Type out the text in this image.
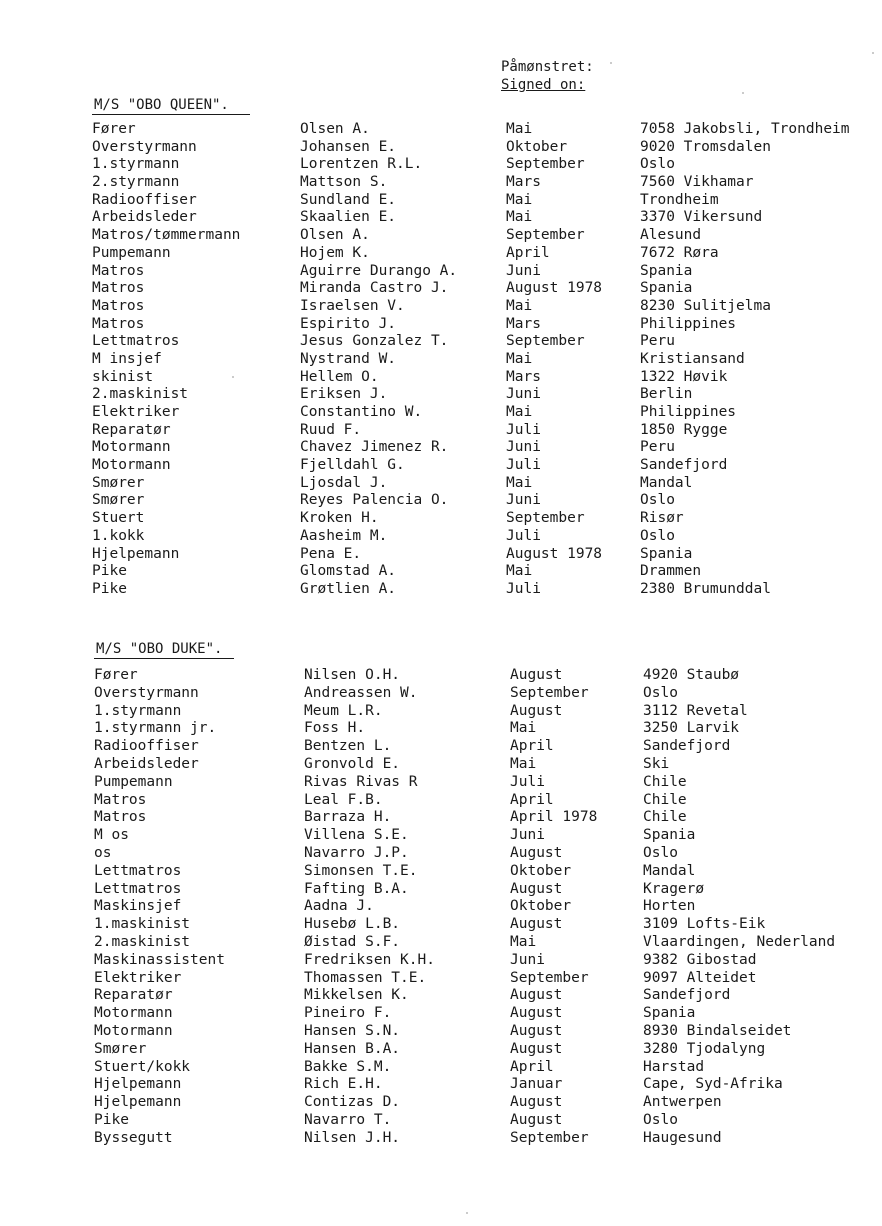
Påmønstret:
Signed on:
M/S "OBO QUEEN".
Fører	Olsen A.	Mai	7058 Jakobsli, Trondheim
Overstyrmann	Johansen E.	Oktober	9020 Tromsdalen
1.styrmann	Lorentzen R.L.	September	Oslo
2.styrmann	Mattson S.	Mars	7560 Vikhamar
Radiooffiser	Sundland E.	Mai	Trondheim
Arbeidsleder	Skaalien E.	Mai	3370 Vikersund
Matros/tømmermann	Olsen A.	September	Alesund
Pumpemann	Hojem K.	April	7672 Røra
Matros	Aguirre Durango A.	Juni	Spania
Matros	Miranda Castro J.	August 1978	Spania
Matros	Israelsen V.	Mai	8230 Sulitjelma
Matros	Espirito J.	Mars	Philippines
Lettmatros	Jesus Gonzalez T.	September	Peru
M insjef	Nystrand W.	Mai	Kristiansand
skinist	Hellem O.	Mars	1322 Høvik
2.maskinist	Eriksen J.	Juni	Berlin
Elektriker	Constantino W.	Mai	Philippines
Reparatør	Ruud F.	Juli	1850 Rygge
Motormann	Chavez Jimenez R.	Juni	Peru
Motormann	Fjelldahl G.	Juli	Sandefjord
Smører	Ljosdal J.	Mai	Mandal
Smører	Reyes Palencia O.	Juni	Oslo
Stuert	Kroken H.	September	Risør
1.kokk	Aasheim M.	Juli	Oslo
Hjelpemann	Pena E.	August 1978	Spania
Pike	Glomstad A.	Mai	Drammen
Pike	Grøtlien A.	Juli	2380 Brumunddal
M/S "OBO DUKE".
Fører	Nilsen O.H.	August	4920 Staubø
Overstyrmann	Andreassen W.	September	Oslo
1.styrmann	Meum L.R.	August	3112 Revetal
1.styrmann jr.	Foss H.	Mai	3250 Larvik
Radiooffiser	Bentzen L.	April	Sandefjord
Arbeidsleder	Gronvold E.	Mai	Ski
Pumpemann	Rivas Rivas R	Juli	Chile
Matros	Leal F.B.	April	Chile
Matros	Barraza H.	April 1978	Chile
M os	Villena S.E.	Juni	Spania
os	Navarro J.P.	August	Oslo
Lettmatros	Simonsen T.E.	Oktober	Mandal
Lettmatros	Fafting B.A.	August	Kragerø
Maskinsjef	Aadna J.	Oktober	Horten
1.maskinist	Husebø L.B.	August	3109 Lofts-Eik
2.maskinist	Øistad S.F.	Mai	Vlaardingen, Nederland
Maskinassistent	Fredriksen K.H.	Juni	9382 Gibostad
Elektriker	Thomassen T.E.	September	9097 Alteidet
Reparatør	Mikkelsen K.	August	Sandefjord
Motormann	Pineiro F.	August	Spania
Motormann	Hansen S.N.	August	8930 Bindalseidet
Smører	Hansen B.A.	August	3280 Tjodalyng
Stuert/kokk	Bakke S.M.	April	Harstad
Hjelpemann	Rich E.H.	Januar	Cape, Syd-Afrika
Hjelpemann	Contizas D.	August	Antwerpen
Pike	Navarro T.	August	Oslo
Byssegutt	Nilsen J.H.	September	Haugesund
